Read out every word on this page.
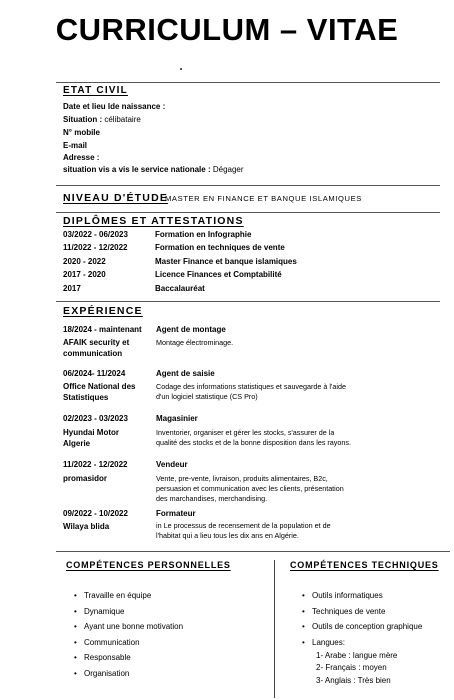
CURRICULUM – VITAE
ETAT CIVIL
Date et lieu lde naissance :
Situation : célibataire
N° mobile
E-mail
Adresse :
situation vis a vis le service nationale : Dégager
NIVEAU D'ÉTUDE
MASTER EN FINANCE ET BANQUE ISLAMIQUES
DIPLÔMES ET ATTESTATIONS
03/2022 - 06/2023	Formation en Infographie
11/2022 - 12/2022	Formation en techniques de vente
2020 - 2022	Master Finance et banque islamiques
2017 - 2020	Licence Finances et Comptabilité
2017	Baccalauréat
EXPÉRIENCE
18/2024 - maintenant Agent de montage
AFAIK security et communication
Montage électrominage.
06/2024- 11/2024	Agent de saisie
Office National des Statistiques
Codage des informations statistiques et sauvegarde à l'aide d'un logiciel statistique (CS Pro)
02/2023 - 03/2023	Magasinier
Hyundai Motor Algerie
Inventorier, organiser et gérer les stocks, s'assurer de la qualité des stocks et de la bonne disposition dans les rayons.
11/2022 - 12/2022	Vendeur
promasidor	Vente, pre-vente, livraison, produits alimentaires, B2c, persuasion et communication avec les clients, présentation des marchandises, merchandising.
09/2022 - 10/2022	Formateur
Wilaya blida	in Le processus de recensement de la population et de l'habitat qui a lieu tous les dix ans en Algérie.
COMPÉTENCES PERSONNELLES
• Travaille en équipe
• Dynamique
• Ayant une bonne motivation
• Communication
• Responsable
• Organisation
COMPÉTENCES TECHNIQUES
• Outils informatiques
• Techniques de vente
• Outils de conception graphique
• Langues:
1- Arabe : langue mère
2- Français : moyen
3- Anglais : Très bien
